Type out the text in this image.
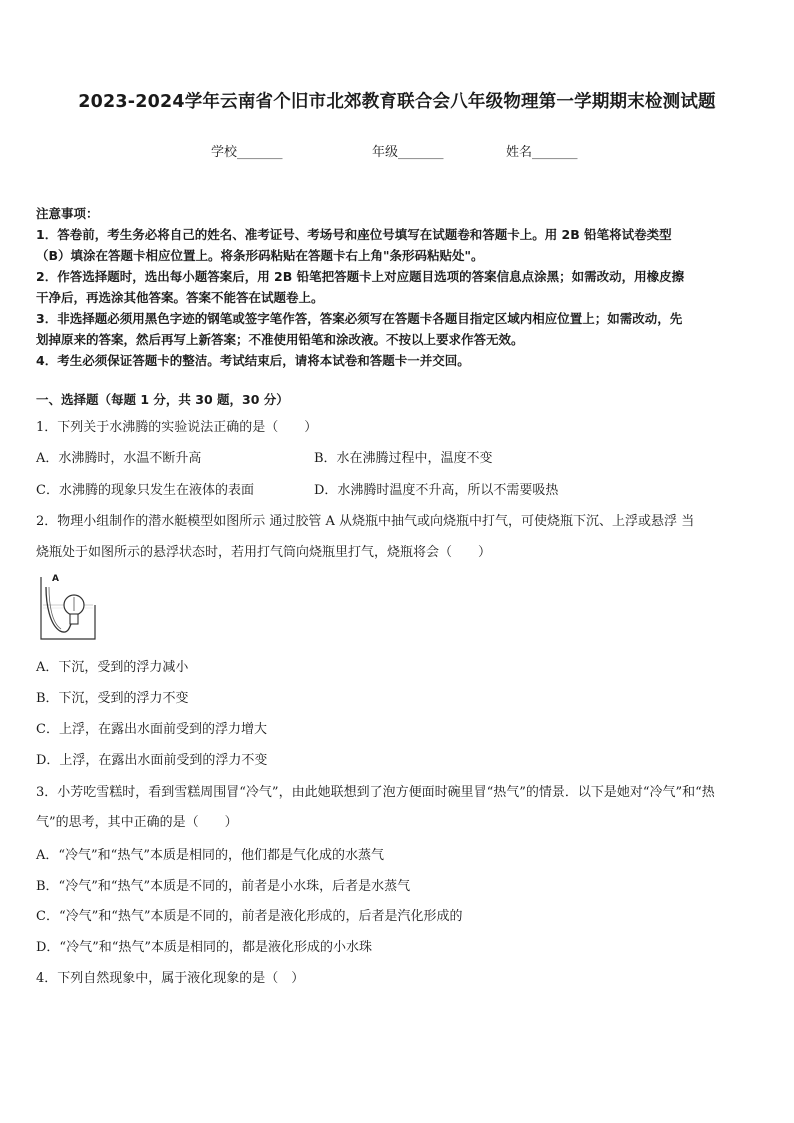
2023-2024学年云南省个旧市北郊教育联合会八年级物理第一学期期末检测试题
学校_______	年级_______	姓名_______
注意事项：
1．答卷前，考生务必将自己的姓名、准考证号、考场号和座位号填写在试题卷和答题卡上。用 2B 铅笔将试卷类型
（B）填涂在答题卡相应位置上。将条形码粘贴在答题卡右上角"条形码粘贴处"。
2．作答选择题时，选出每小题答案后，用 2B 铅笔把答题卡上对应题目选项的答案信息点涂黑；如需改动，用橡皮擦
干净后，再选涂其他答案。答案不能答在试题卷上。
3．非选择题必须用黑色字迹的钢笔或签字笔作答，答案必须写在答题卡各题目指定区域内相应位置上；如需改动，先
划掉原来的答案，然后再写上新答案；不准使用铅笔和涂改液。不按以上要求作答无效。
4．考生必须保证答题卡的整洁。考试结束后，请将本试卷和答题卡一并交回。
一、选择题（每题 1 分，共 30 题，30 分）
1．下列关于水沸腾的实验说法正确的是（　　）
A．水沸腾时，水温不断升高	B．水在沸腾过程中，温度不变
C．水沸腾的现象只发生在液体的表面	D．水沸腾时温度不升高，所以不需要吸热
2．物理小组制作的潜水艇模型如图所示 通过胶管 A 从烧瓶中抽气或向烧瓶中打气，可使烧瓶下沉、上浮或悬浮 当
烧瓶处于如图所示的悬浮状态时，若用打气筒向烧瓶里打气，烧瓶将会（　　）
A
A．下沉，受到的浮力减小
B．下沉，受到的浮力不变
C．上浮，在露出水面前受到的浮力增大
D．上浮，在露出水面前受到的浮力不变
3．小芳吃雪糕时，看到雪糕周围冒“冷气”，由此她联想到了泡方便面时碗里冒“热气”的情景．以下是她对“冷气”和“热
气”的思考，其中正确的是（　　）
A．“冷气”和“热气”本质是相同的，他们都是气化成的水蒸气
B．“冷气”和“热气”本质是不同的，前者是小水珠，后者是水蒸气
C．“冷气”和“热气”本质是不同的，前者是液化形成的，后者是汽化形成的
D．“冷气”和“热气”本质是相同的，都是液化形成的小水珠
4．下列自然现象中，属于液化现象的是（　）
